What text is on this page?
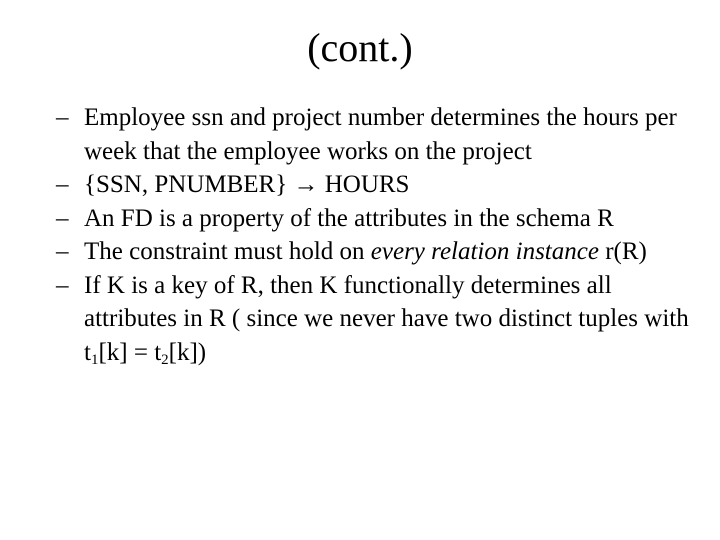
(cont.)
– Employee ssn and project number determines the hours per week that the employee works on the project
– {SSN, PNUMBER} → HOURS
– An FD is a property of the attributes in the schema R
– The constraint must hold on every relation instance r(R)
– If K is a key of R, then K functionally determines all attributes in R ( since we never have two distinct tuples with $t_1[k] = t_2[k]$)
